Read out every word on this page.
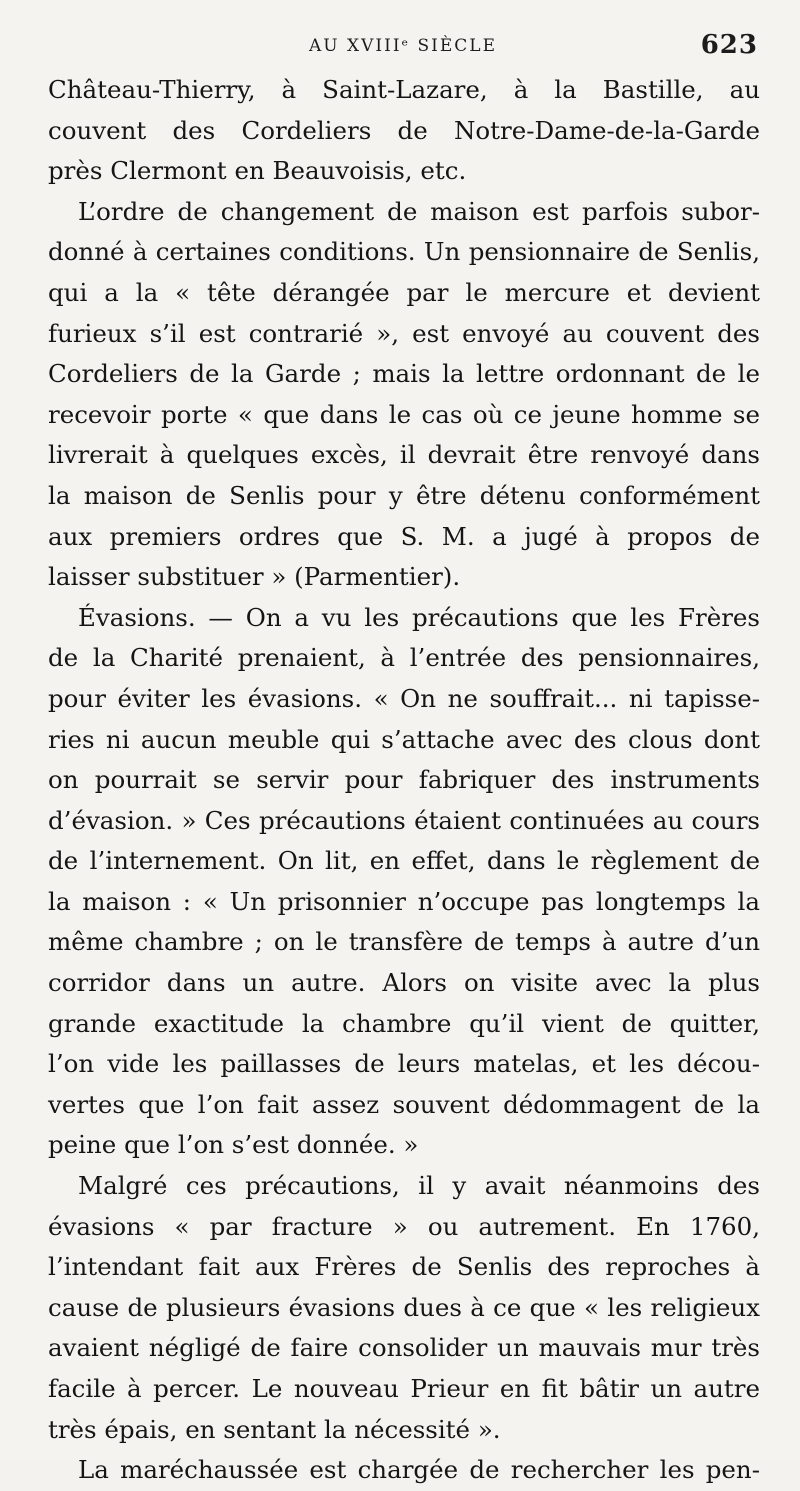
AU XVIIIᵉ SIÈCLE	623
Château-Thierry, à Saint-Lazare, à la Bastille, au
couvent des Cordeliers de Notre-Dame-de-la-Garde
près Clermont en Beauvoisis, etc.
L’ordre de changement de maison est parfois subor-
donné à certaines conditions. Un pensionnaire de Senlis,
qui a la « tête dérangée par le mercure et devient
furieux s’il est contrarié », est envoyé au couvent des
Cordeliers de la Garde ; mais la lettre ordonnant de le
recevoir porte « que dans le cas où ce jeune homme se
livrerait à quelques excès, il devrait être renvoyé dans
la maison de Senlis pour y être détenu conformément
aux premiers ordres que S. M. a jugé à propos de
laisser substituer » (Parmentier).
Évasions. — On a vu les précautions que les Frères
de la Charité prenaient, à l’entrée des pensionnaires,
pour éviter les évasions. « On ne souffrait... ni tapisse-
ries ni aucun meuble qui s’attache avec des clous dont
on pourrait se servir pour fabriquer des instruments
d’évasion. » Ces précautions étaient continuées au cours
de l’internement. On lit, en effet, dans le règlement de
la maison : « Un prisonnier n’occupe pas longtemps la
même chambre ; on le transfère de temps à autre d’un
corridor dans un autre. Alors on visite avec la plus
grande exactitude la chambre qu’il vient de quitter,
l’on vide les paillasses de leurs matelas, et les décou-
vertes que l’on fait assez souvent dédommagent de la
peine que l’on s’est donnée. »
Malgré ces précautions, il y avait néanmoins des
évasions « par fracture » ou autrement. En 1760,
l’intendant fait aux Frères de Senlis des reproches à
cause de plusieurs évasions dues à ce que « les religieux
avaient négligé de faire consolider un mauvais mur très
facile à percer. Le nouveau Prieur en fit bâtir un autre
très épais, en sentant la nécessité ».
La maréchaussée est chargée de rechercher les pen-
